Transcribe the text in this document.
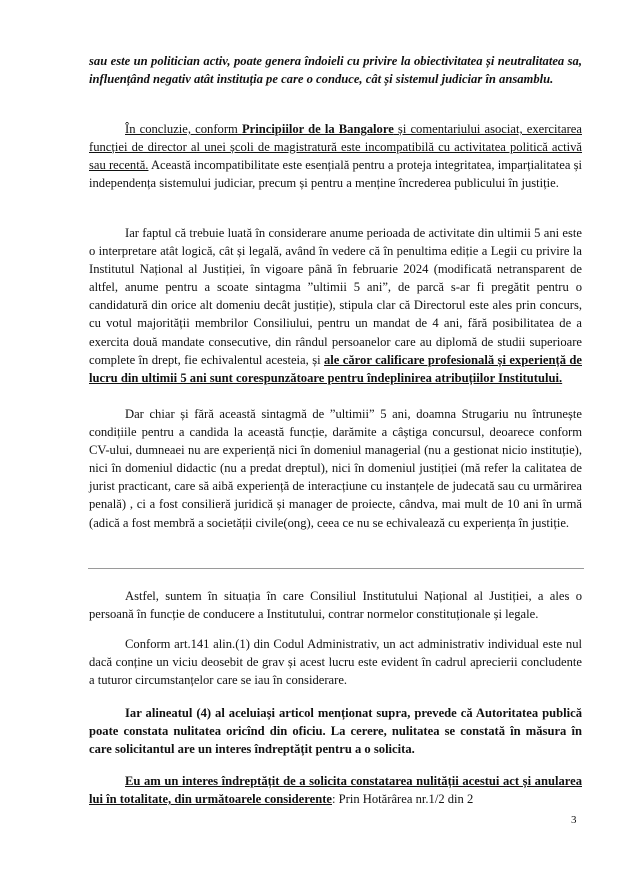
sau este un politician activ, poate genera îndoieli cu privire la obiectivitatea și neutralitatea sa, influențând negativ atât instituția pe care o conduce, cât și sistemul judiciar în ansamblu.

În concluzie, conform Principiilor de la Bangalore și comentariului asociat, exercitarea funcției de director al unei școli de magistratură este incompatibilă cu activitatea politică activă sau recentă. Această incompatibilitate este esențială pentru a proteja integritatea, imparțialitatea și independența sistemului judiciar, precum și pentru a menține încrederea publicului în justiție.

Iar faptul că trebuie luată în considerare anume perioada de activitate din ultimii 5 ani este o interpretare atât logică, cât și legală, având în vedere că în penultima ediție a Legii cu privire la Institutul Național al Justiției, în vigoare până în februarie 2024 (modificată netransparent de altfel, anume pentru a scoate sintagma ”ultimii 5 ani”, de parcă s-ar fi pregătit pentru o candidatură din orice alt domeniu decât justiție), stipula clar că Directorul este ales prin concurs, cu votul majorității membrilor Consiliului, pentru un mandat de 4 ani, fără posibilitatea de a exercita două mandate consecutive, din rândul persoanelor care au diplomă de studii superioare complete în drept, fie echivalentul acesteia, și ale căror calificare profesională și experiență de lucru din ultimii 5 ani sunt corespunzătoare pentru îndeplinirea atribuțiilor Institutului.

Dar chiar și fără această sintagmă de ”ultimii” 5 ani, doamna Strugariu nu întrunește condițiile pentru a candida la această funcție, darămite a câștiga concursul, deoarece conform CV-ului, dumneaei nu are experiență nici în domeniul managerial (nu a gestionat nicio instituție), nici în domeniul didactic (nu a predat dreptul), nici în domeniul justiției (mă refer la calitatea de jurist practicant, care să aibă experiență de interacțiune cu instanțele de judecată sau cu urmărirea penală) , ci a fost consilieră juridică și manager de proiecte, cândva, mai mult de 10 ani în urmă (adică a fost membră a societății civile(ong), ceea ce nu se echivalează cu experiența în justiție.

Astfel, suntem în situația în care Consiliul Institutului Național al Justiției, a ales o persoană în funcție de conducere a Institutului, contrar normelor constituționale și legale.

Conform art.141 alin.(1) din Codul Administrativ, un act administrativ individual este nul dacă conține un viciu deosebit de grav și acest lucru este evident în cadrul aprecierii concludente a tuturor circumstanțelor care se iau în considerare.

Iar alineatul (4) al aceluiași articol menționat supra, prevede că Autoritatea publică poate constata nulitatea oricînd din oficiu. La cerere, nulitatea se constată în măsura în care solicitantul are un interes îndreptățit pentru a o solicita.

Eu am un interes îndreptățit de a solicita constatarea nulității acestui act și anularea lui în totalitate, din următoarele considerente: Prin Hotărârea nr.1/2 din 2

3
